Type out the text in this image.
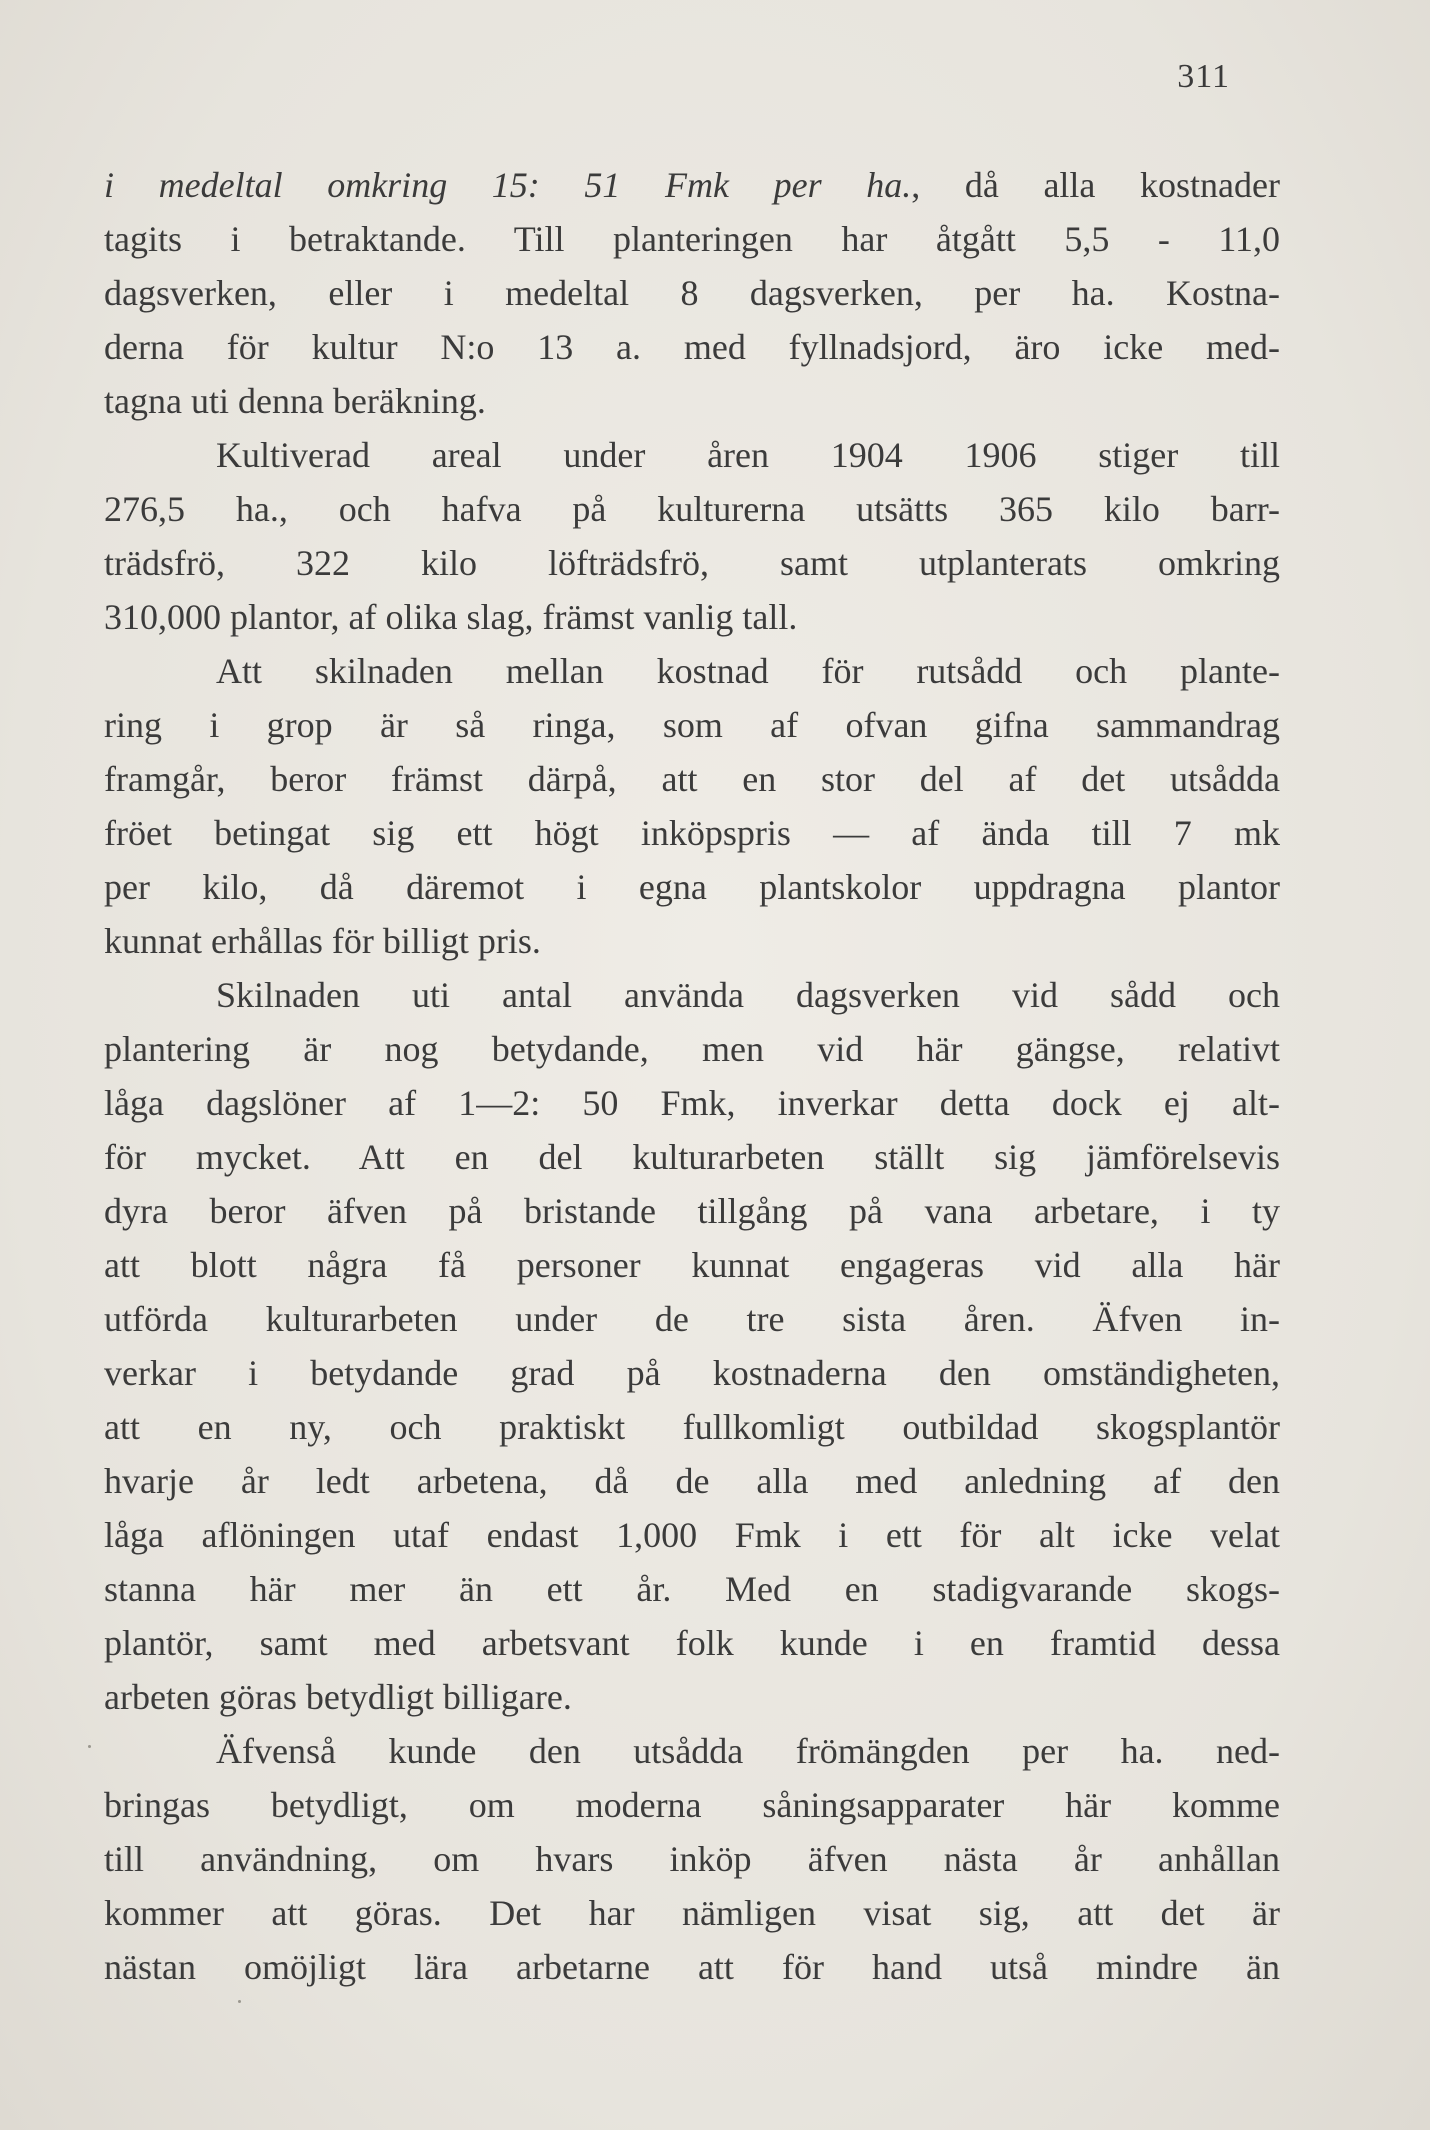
311
i medeltal omkring 15: 51 Fmk per ha., då alla kostnader
tagits i betraktande. Till planteringen har åtgått 5,5 - 11,0
dagsverken, eller i medeltal 8 dagsverken, per ha. Kostna-
derna för kultur N:o 13 a. med fyllnadsjord, äro icke med-
tagna uti denna beräkning.
Kultiverad areal under åren 1904 1906 stiger till
276,5 ha., och hafva på kulturerna utsätts 365 kilo barr-
trädsfrö, 322 kilo löfträdsfrö, samt utplanterats omkring
310,000 plantor, af olika slag, främst vanlig tall.
Att skilnaden mellan kostnad för rutsådd och plante-
ring i grop är så ringa, som af ofvan gifna sammandrag
framgår, beror främst därpå, att en stor del af det utsådda
fröet betingat sig ett högt inköpspris — af ända till 7 mk
per kilo, då däremot i egna plantskolor uppdragna plantor
kunnat erhållas för billigt pris.
Skilnaden uti antal använda dagsverken vid sådd och
plantering är nog betydande, men vid här gängse, relativt
låga dagslöner af 1—2: 50 Fmk, inverkar detta dock ej alt-
för mycket. Att en del kulturarbeten ställt sig jämförelsevis
dyra beror äfven på bristande tillgång på vana arbetare, i ty
att blott några få personer kunnat engageras vid alla här
utförda kulturarbeten under de tre sista åren. Äfven in-
verkar i betydande grad på kostnaderna den omständigheten,
att en ny, och praktiskt fullkomligt outbildad skogsplantör
hvarje år ledt arbetena, då de alla med anledning af den
låga aflöningen utaf endast 1,000 Fmk i ett för alt icke velat
stanna här mer än ett år. Med en stadigvarande skogs-
plantör, samt med arbetsvant folk kunde i en framtid dessa
arbeten göras betydligt billigare.
Äfvenså kunde den utsådda frömängden per ha. ned-
bringas betydligt, om moderna såningsapparater här komme
till användning, om hvars inköp äfven nästa år anhållan
kommer att göras. Det har nämligen visat sig, att det är
nästan omöjligt lära arbetarne att för hand utså mindre än
